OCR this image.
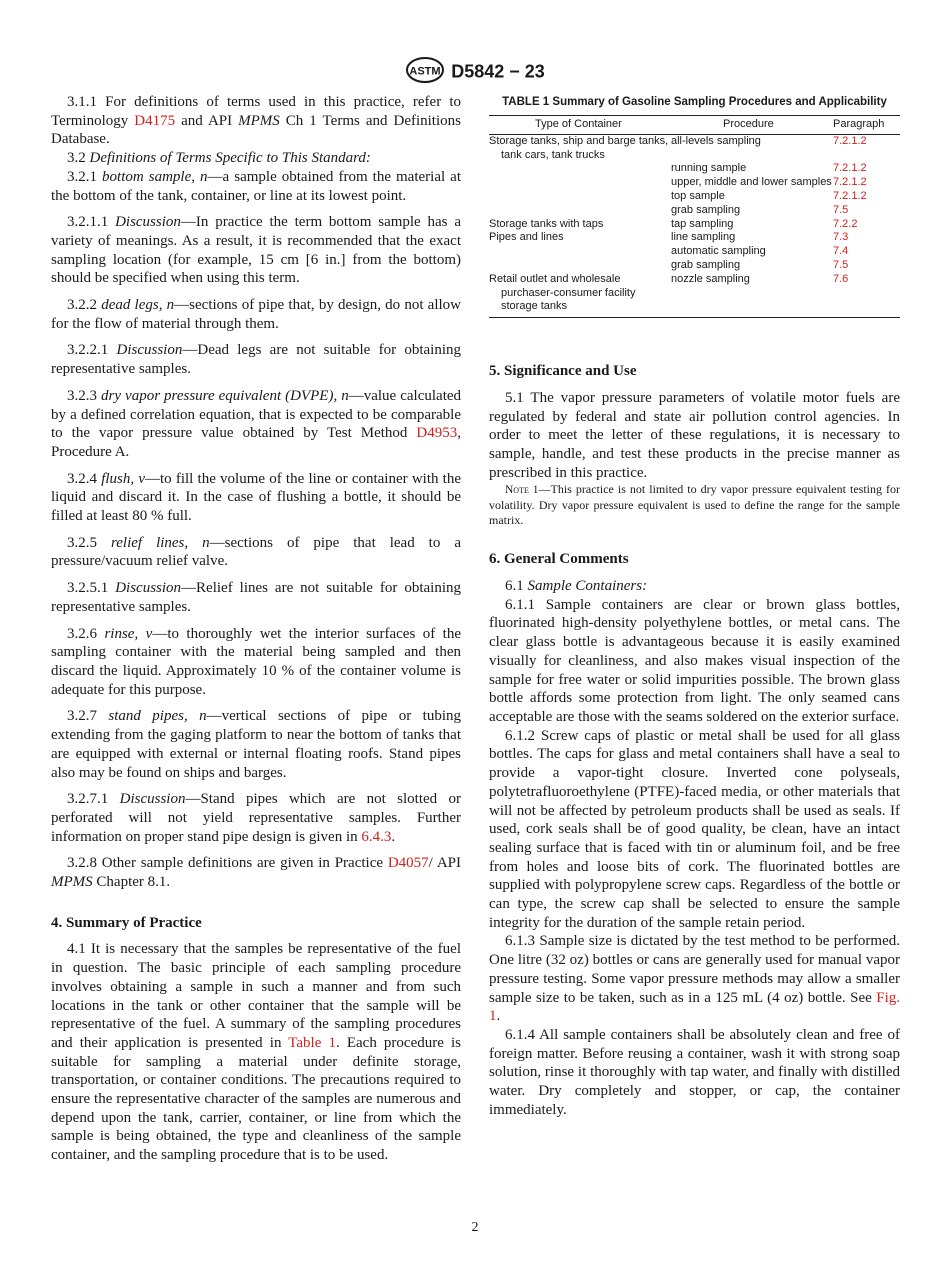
ASTM D5842 − 23

3.1.1 For definitions of terms used in this practice, refer to Terminology D4175 and API MPMS Ch 1 Terms and Definitions Database.

3.2 Definitions of Terms Specific to This Standard:

3.2.1 bottom sample, n—a sample obtained from the material at the bottom of the tank, container, or line at its lowest point.

3.2.1.1 Discussion—In practice the term bottom sample has a variety of meanings. As a result, it is recommended that the exact sampling location (for example, 15 cm [6 in.] from the bottom) should be specified when using this term.

3.2.2 dead legs, n—sections of pipe that, by design, do not allow for the flow of material through them.

3.2.2.1 Discussion—Dead legs are not suitable for obtaining representative samples.

3.2.3 dry vapor pressure equivalent (DVPE), n—value calculated by a defined correlation equation, that is expected to be comparable to the vapor pressure value obtained by Test Method D4953, Procedure A.

3.2.4 flush, v—to fill the volume of the line or container with the liquid and discard it. In the case of flushing a bottle, it should be filled at least 80 % full.

3.2.5 relief lines, n—sections of pipe that lead to a pressure/vacuum relief valve.

3.2.5.1 Discussion—Relief lines are not suitable for obtaining representative samples.

3.2.6 rinse, v—to thoroughly wet the interior surfaces of the sampling container with the material being sampled and then discard the liquid. Approximately 10 % of the container volume is adequate for this purpose.

3.2.7 stand pipes, n—vertical sections of pipe or tubing extending from the gaging platform to near the bottom of tanks that are equipped with external or internal floating roofs. Stand pipes also may be found on ships and barges.

3.2.7.1 Discussion—Stand pipes which are not slotted or perforated will not yield representative samples. Further information on proper stand pipe design is given in 6.4.3.

3.2.8 Other sample definitions are given in Practice D4057/ API MPMS Chapter 8.1.

4. Summary of Practice

4.1 It is necessary that the samples be representative of the fuel in question. The basic principle of each sampling procedure involves obtaining a sample in such a manner and from such locations in the tank or other container that the sample will be representative of the fuel. A summary of the sampling procedures and their application is presented in Table 1. Each procedure is suitable for sampling a material under definite storage, transportation, or container conditions. The precautions required to ensure the representative character of the samples are numerous and depend upon the tank, carrier, container, or line from which the sample is being obtained, the type and cleanliness of the sample container, and the sampling procedure that is to be used.

TABLE 1 Summary of Gasoline Sampling Procedures and Applicability
Type of Container	Procedure	Paragraph

Storage tanks, ship and barge tanks, tank cars, tank trucks	all-levels sampling	7.2.1.2
	running sample	7.2.1.2

	upper, middle and lower samples	7.2.1.2
	top sample	7.2.1.2
	grab sampling	7.5
Storage tanks with taps	tap sampling	7.2.2
Pipes and lines	line sampling	7.3
	automatic sampling	7.4
	grab sampling	7.5

Retail outlet and wholesale purchaser-consumer facility storage tanks	nozzle sampling	7.6
5. Significance and Use

5.1 The vapor pressure parameters of volatile motor fuels are regulated by federal and state air pollution control agencies. In order to meet the letter of these regulations, it is necessary to sample, handle, and test these products in the precise manner as prescribed in this practice.

Note 1—This practice is not limited to dry vapor pressure equivalent testing for volatility. Dry vapor pressure equivalent is used to define the range for the sample matrix.

6. General Comments

6.1 Sample Containers:

6.1.1 Sample containers are clear or brown glass bottles, fluorinated high-density polyethylene bottles, or metal cans. The clear glass bottle is advantageous because it is easily examined visually for cleanliness, and also makes visual inspection of the sample for free water or solid impurities possible. The brown glass bottle affords some protection from light. The only seamed cans acceptable are those with the seams soldered on the exterior surface.

6.1.2 Screw caps of plastic or metal shall be used for all glass bottles. The caps for glass and metal containers shall have a seal to provide a vapor-tight closure. Inverted cone polyseals, polytetrafluoroethylene (PTFE)-faced media, or other materials that will not be affected by petroleum products shall be used as seals. If used, cork seals shall be of good quality, be clean, have an intact sealing surface that is faced with tin or aluminum foil, and be free from holes and loose bits of cork. The fluorinated bottles are supplied with polypropylene screw caps. Regardless of the bottle or can type, the screw cap shall be selected to ensure the sample integrity for the duration of the sample retain period.

6.1.3 Sample size is dictated by the test method to be performed. One litre (32 oz) bottles or cans are generally used for manual vapor pressure testing. Some vapor pressure methods may allow a smaller sample size to be taken, such as in a 125 mL (4 oz) bottle. See Fig. 1.

6.1.4 All sample containers shall be absolutely clean and free of foreign matter. Before reusing a container, wash it with strong soap solution, rinse it thoroughly with tap water, and finally with distilled water. Dry completely and stopper, or cap, the container immediately.

2
